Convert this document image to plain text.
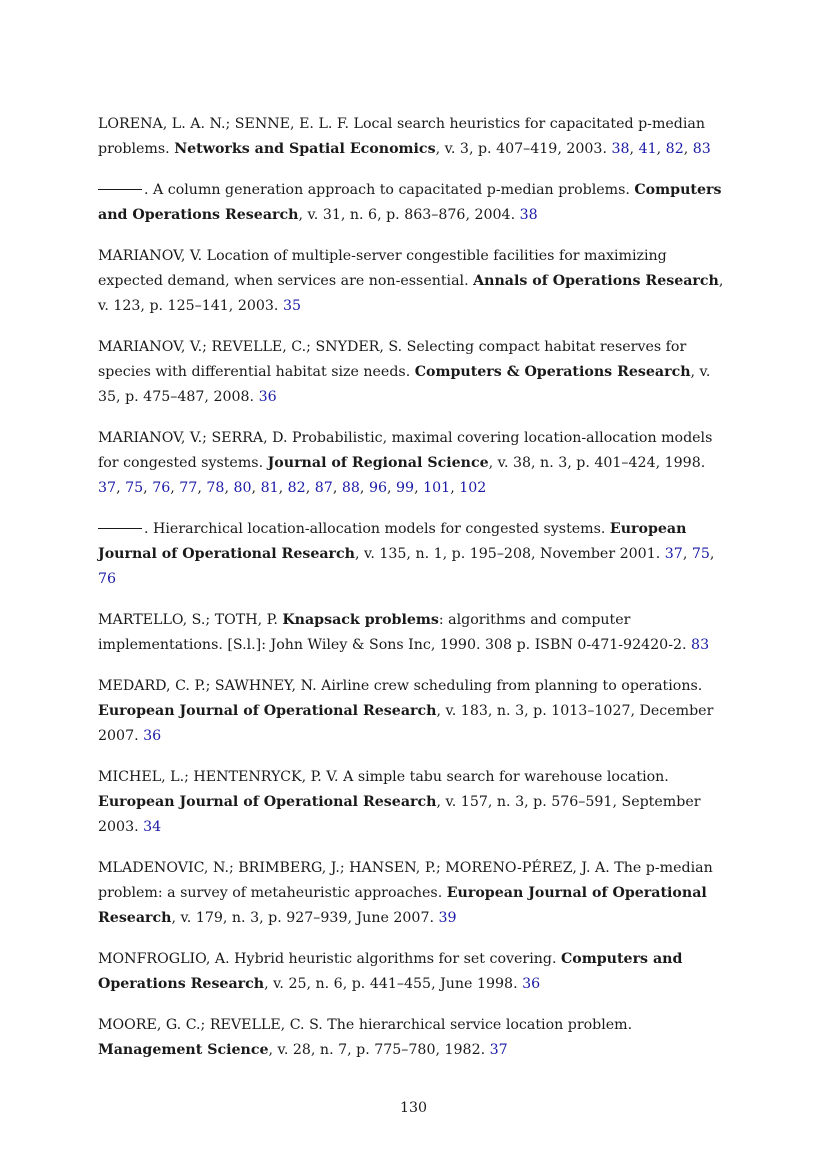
LORENA, L. A. N.; SENNE, E. L. F. Local search heuristics for capacitated p-median problems. Networks and Spatial Economics, v. 3, p. 407–419, 2003. 38, 41, 82, 83
. A column generation approach to capacitated p-median problems. Computers and Operations Research, v. 31, n. 6, p. 863–876, 2004. 38
MARIANOV, V. Location of multiple-server congestible facilities for maximizing expected demand, when services are non-essential. Annals of Operations Research, v. 123, p. 125–141, 2003. 35
MARIANOV, V.; REVELLE, C.; SNYDER, S. Selecting compact habitat reserves for species with differential habitat size needs. Computers & Operations Research, v. 35, p. 475–487, 2008. 36
MARIANOV, V.; SERRA, D. Probabilistic, maximal covering location-allocation models for congested systems. Journal of Regional Science, v. 38, n. 3, p. 401–424, 1998. 37, 75, 76, 77, 78, 80, 81, 82, 87, 88, 96, 99, 101, 102
. Hierarchical location-allocation models for congested systems. European Journal of Operational Research, v. 135, n. 1, p. 195–208, November 2001. 37, 75, 76
MARTELLO, S.; TOTH, P. Knapsack problems: algorithms and computer implementations. [S.l.]: John Wiley & Sons Inc, 1990. 308 p. ISBN 0-471-92420-2. 83
MEDARD, C. P.; SAWHNEY, N. Airline crew scheduling from planning to operations. European Journal of Operational Research, v. 183, n. 3, p. 1013–1027, December 2007. 36
MICHEL, L.; HENTENRYCK, P. V. A simple tabu search for warehouse location. European Journal of Operational Research, v. 157, n. 3, p. 576–591, September 2003. 34
MLADENOVIC, N.; BRIMBERG, J.; HANSEN, P.; MORENO-PÉREZ, J. A. The p-median problem: a survey of metaheuristic approaches. European Journal of Operational Research, v. 179, n. 3, p. 927–939, June 2007. 39
MONFROGLIO, A. Hybrid heuristic algorithms for set covering. Computers and Operations Research, v. 25, n. 6, p. 441–455, June 1998. 36
MOORE, G. C.; REVELLE, C. S. The hierarchical service location problem. Management Science, v. 28, n. 7, p. 775–780, 1982. 37
130
